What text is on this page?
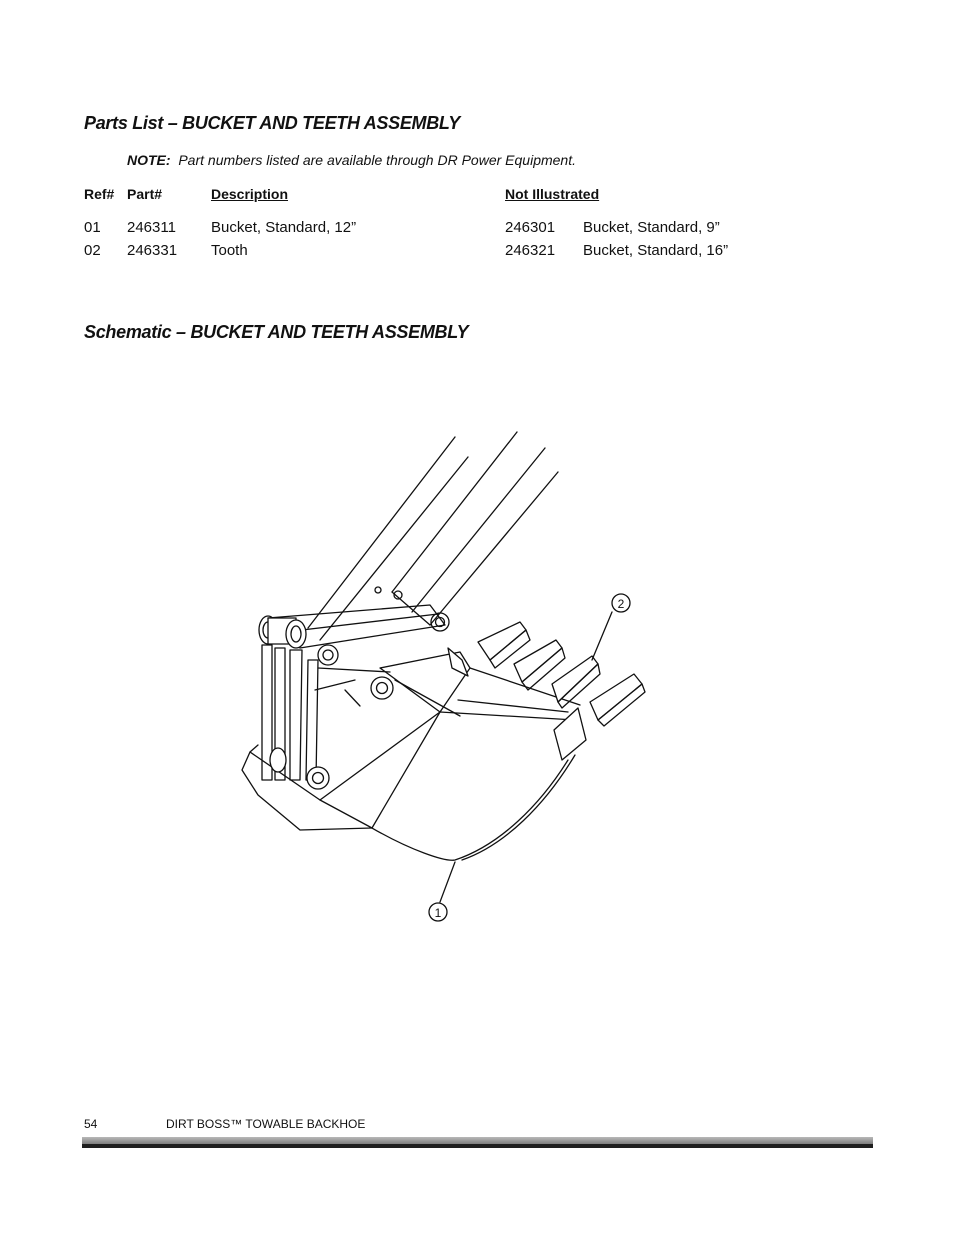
Parts List – BUCKET AND TEETH ASSEMBLY
NOTE: Part numbers listed are available through DR Power Equipment.
Ref# Part#	Description	Not Illustrated
01 246311 Bucket, Standard, 12”	246301 Bucket, Standard, 9”
02 246331 Tooth	246321 Bucket, Standard, 16”
Schematic – BUCKET AND TEETH ASSEMBLY
2
1
54	DIRT BOSS™ TOWABLE BACKHOE
